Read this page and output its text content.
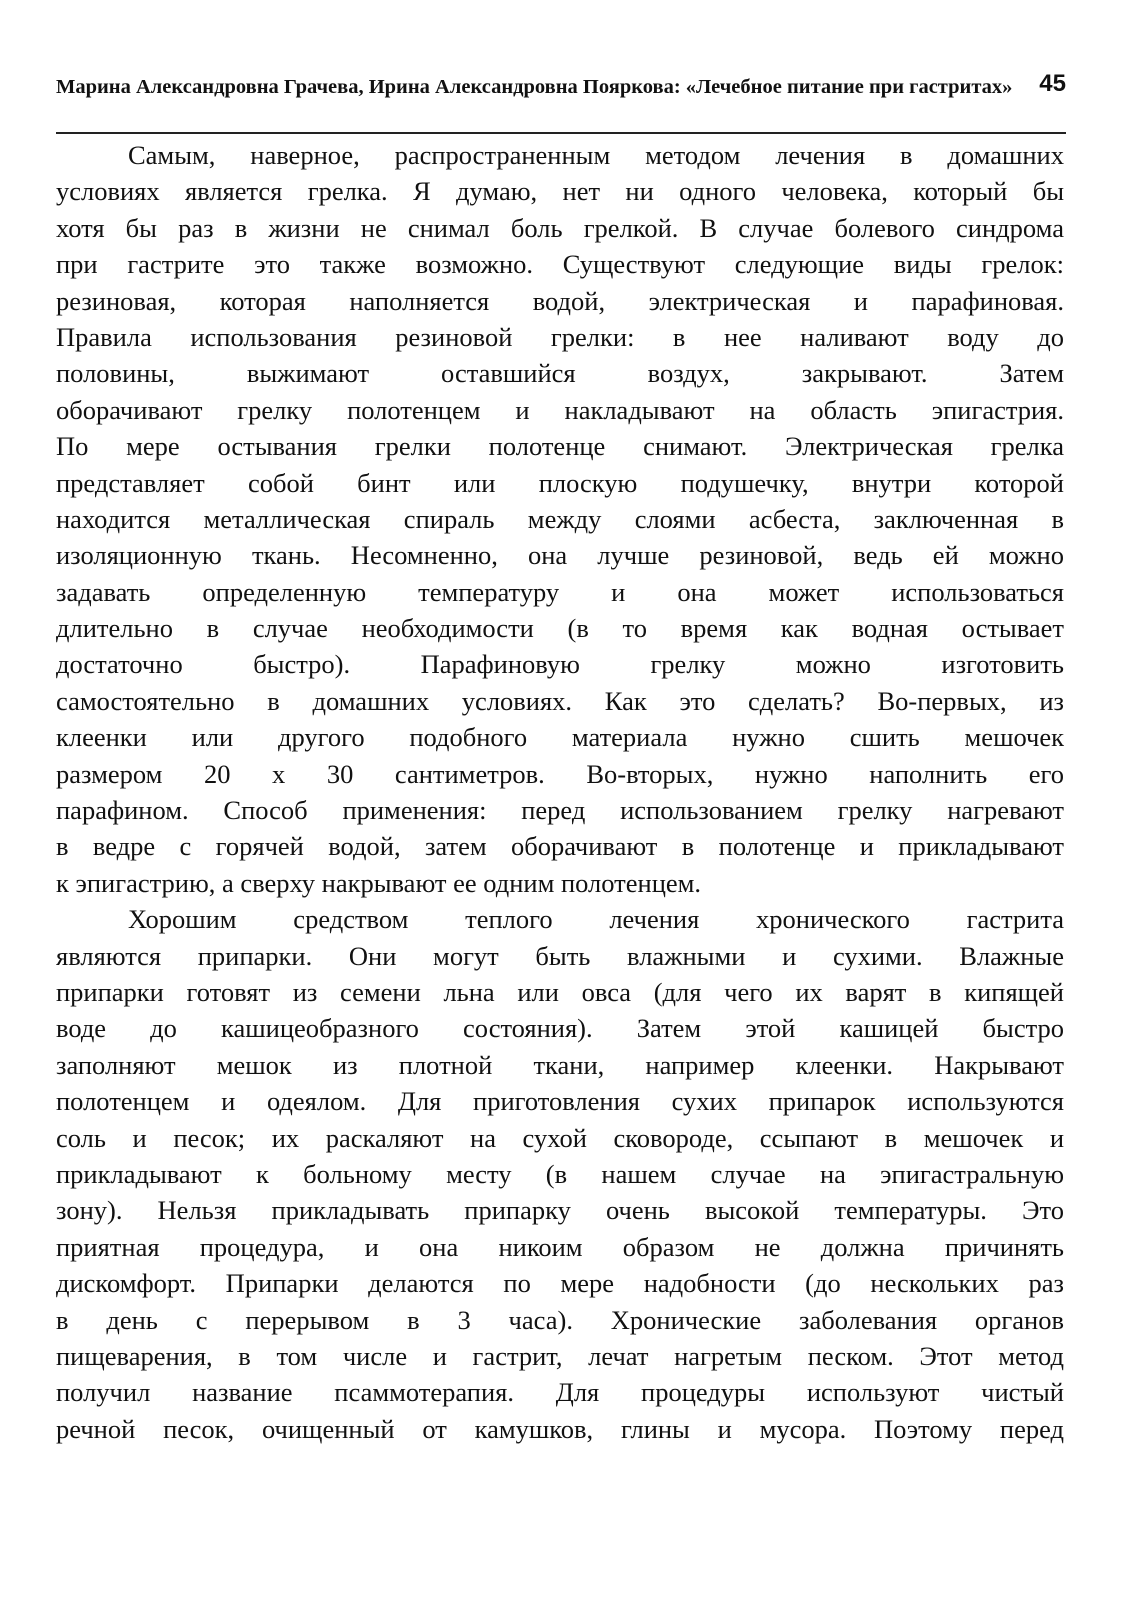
Марина Александровна Грачева, Ирина Александровна Пояркова: «Лечебное питание при гастритах»	45
Самым, наверное, распространенным методом лечения в домашних
условиях является грелка. Я думаю, нет ни одного человека, который бы
хотя бы раз в жизни не снимал боль грелкой. В случае болевого синдрома
при гастрите это также возможно. Существуют следующие виды грелок:
резиновая, которая наполняется водой, электрическая и парафиновая.
Правила использования резиновой грелки: в нее наливают воду до
половины, выжимают оставшийся воздух, закрывают. Затем
оборачивают грелку полотенцем и накладывают на область эпигастрия.
По мере остывания грелки полотенце снимают. Электрическая грелка
представляет собой бинт или плоскую подушечку, внутри которой
находится металлическая спираль между слоями асбеста, заключенная в
изоляционную ткань. Несомненно, она лучше резиновой, ведь ей можно
задавать определенную температуру и она может использоваться
длительно в случае необходимости (в то время как водная остывает
достаточно быстро). Парафиновую грелку можно изготовить
самостоятельно в домашних условиях. Как это сделать? Во-первых, из
клеенки или другого подобного материала нужно сшить мешочек
размером 20 х 30 сантиметров. Во-вторых, нужно наполнить его
парафином. Способ применения: перед использованием грелку нагревают
в ведре с горячей водой, затем оборачивают в полотенце и прикладывают
к эпигастрию, а сверху накрывают ее одним полотенцем.
Хорошим средством теплого лечения хронического гастрита
являются припарки. Они могут быть влажными и сухими. Влажные
припарки готовят из семени льна или овса (для чего их варят в кипящей
воде до кашицеобразного состояния). Затем этой кашицей быстро
заполняют мешок из плотной ткани, например клеенки. Накрывают
полотенцем и одеялом. Для приготовления сухих припарок используются
соль и песок; их раскаляют на сухой сковороде, ссыпают в мешочек и
прикладывают к больному месту (в нашем случае на эпигастральную
зону). Нельзя прикладывать припарку очень высокой температуры. Это
приятная процедура, и она никоим образом не должна причинять
дискомфорт. Припарки делаются по мере надобности (до нескольких раз
в день с перерывом в 3 часа). Хронические заболевания органов
пищеварения, в том числе и гастрит, лечат нагретым песком. Этот метод
получил название псаммотерапия. Для процедуры используют чистый
речной песок, очищенный от камушков, глины и мусора. Поэтому перед
